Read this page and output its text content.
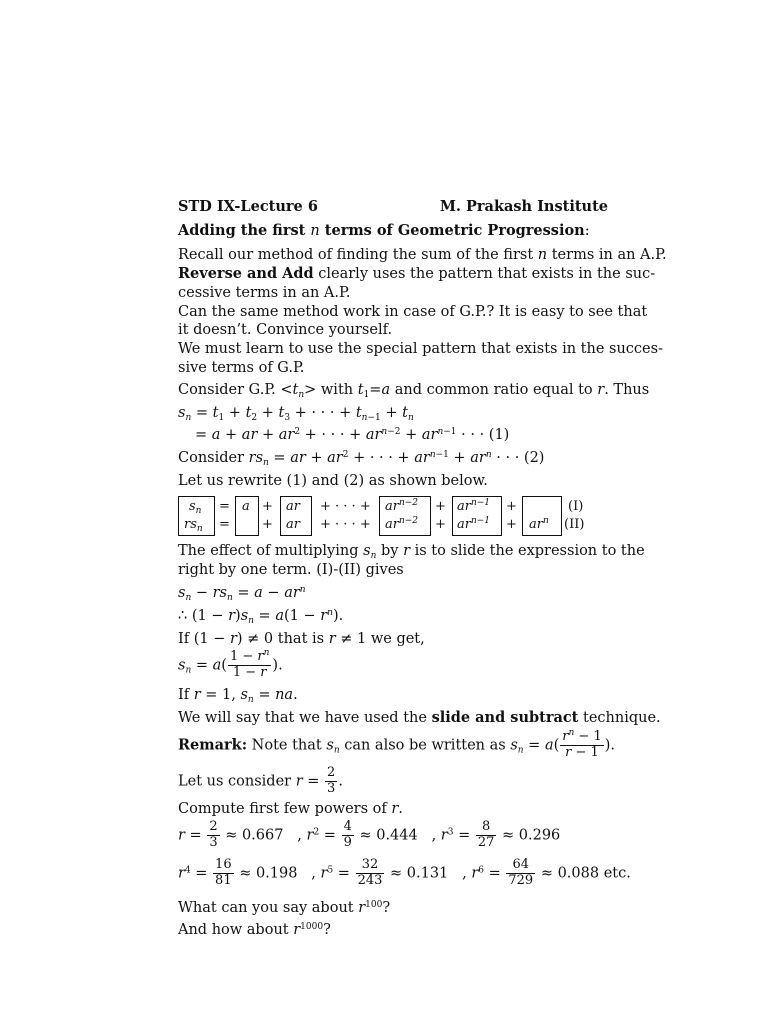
STD IX-Lecture 6	M. Prakash Institute
Adding the first n terms of Geometric Progression:
Recall our method of finding the sum of the first n terms in an A.P.
Reverse and Add clearly uses the pattern that exists in the suc-
cessive terms in an A.P.
Can the same method work in case of G.P.? It is easy to see that
it doesn’t. Convince yourself.
We must learn to use the special pattern that exists in the succes-
sive terms of G.P.
Consider G.P. $<t_n>$ with $t_1=a$ and common ratio equal to r. Thus
$s_n = t_1 + t_2 + t_3$ + · · · + $t_{n-1} + t_n$
= a + ar + $ar^2$ + · · · + $ar^{n-2} + ar^{n-1}$ · · · (1)
Consider $rs_n$ = ar + $ar^2$ + · · · + $ar^{n-1} + ar^n$ · · · (2)
Let us rewrite (1) and (2) as shown below.
$s_n$
$rs_n$
=
=
a +
+
ar
ar
+ · · · +
+ · · · +
$ar^{n-2}$
$ar^{n-2}$
+
+
$ar^{n-1}$
$ar^{n-1}$
+
+ $ar^n$
(I)
(II)
The effect of multiplying $s_n$ by r is to slide the expression to the
right by one term. (I)-(II) gives
$s_n - rs_n = a - ar^n$
∴ $(1 - r)s_n = a(1 - r^n)$.
If (1 − r) ≠ 0 that is r ≠ 1 we get,
$s_n = a( \frac{1 - r^n}{1 - r}$ ).
If r = 1, $s_n$ = na.
We will say that we have used the slide and subtract technique.
Remark: Note that $s_n$ can also be written as $s_n = a( \frac{r^n - 1}{r - 1}$ ).
Let us consider $r = \frac{2}{3}$ .
Compute first few powers of r.
$r = \frac{2}{3} \approx 0.667$   , $r^2 = \frac{4}{9} \approx 0.444$   , $r^3 = \frac{8}{27} \approx 0.296$
$r^4 = \frac{16}{81} \approx 0.198$   , $r^5 = \frac{32}{243} \approx 0.131$   , $r^6 = \frac{64}{729} \approx 0.088$ etc.
What can you say about $r^{100}$?
And how about $r^{1000}$?
